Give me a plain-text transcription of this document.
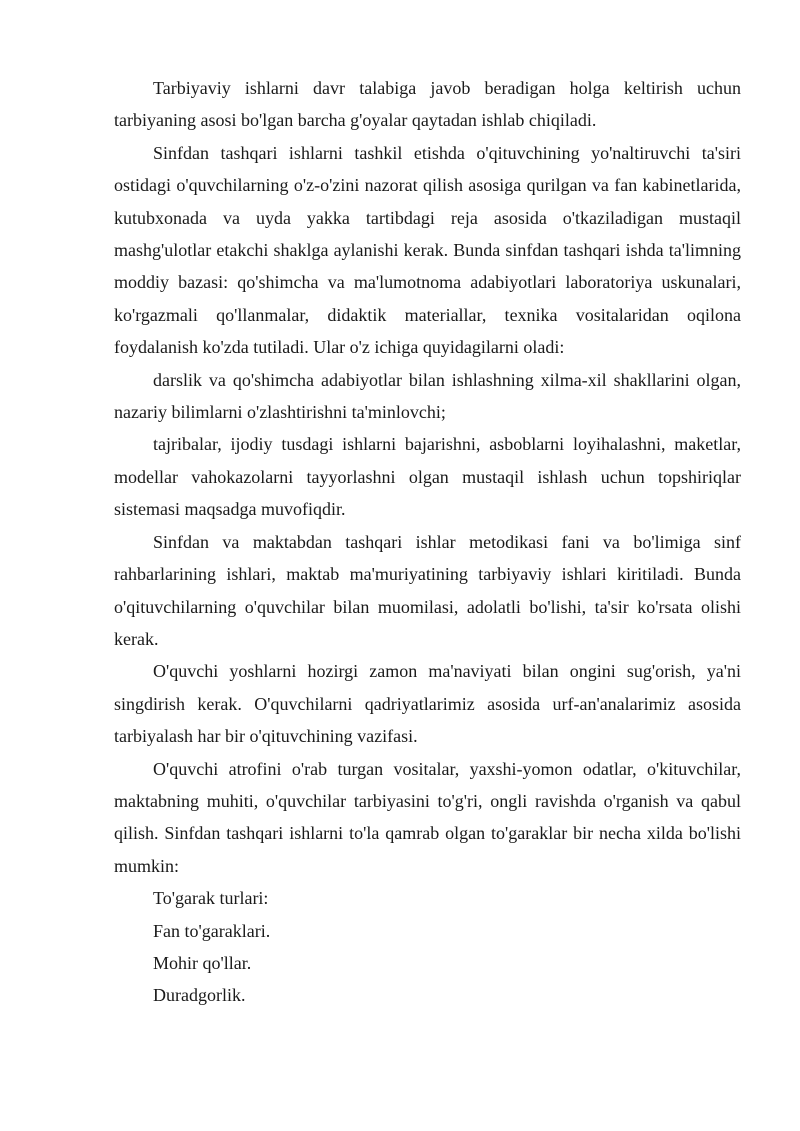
Tarbiyaviy ishlarni davr talabiga javob beradigan holga keltirish uchun tarbiyaning asosi bo'lgan barcha g'oyalar qaytadan ishlab chiqiladi.

Sinfdan tashqari ishlarni tashkil etishda o'qituvchining yo'naltiruvchi ta'siri ostidagi o'quvchilarning o'z-o'zini nazorat qilish asosiga qurilgan va fan kabinetlarida, kutubxonada va uyda yakka tartibdagi reja asosida o'tkaziladigan mustaqil mashg'ulotlar etakchi shaklga aylanishi kerak. Bunda sinfdan tashqari ishda ta'limning moddiy bazasi: qo'shimcha va ma'lumotnoma adabiyotlari laboratoriya uskunalari, ko'rgazmali qo'llanmalar, didaktik materiallar, texnika vositalaridan oqilona foydalanish ko'zda tutiladi. Ular o'z ichiga quyidagilarni oladi:

darslik va qo'shimcha adabiyotlar bilan ishlashning xilma-xil shakllarini olgan, nazariy bilimlarni o'zlashtirishni ta'minlovchi;

tajribalar, ijodiy tusdagi ishlarni bajarishni, asboblarni loyihalashni, maketlar, modellar vahokazolarni tayyorlashni olgan mustaqil ishlash uchun topshiriqlar sistemasi maqsadga muvofiqdir.

Sinfdan va maktabdan tashqari ishlar metodikasi fani va bo'limiga sinf rahbarlarining ishlari, maktab ma'muriyatining tarbiyaviy ishlari kiritiladi. Bunda o'qituvchilarning o'quvchilar bilan muomilasi, adolatli bo'lishi, ta'sir ko'rsata olishi kerak.

O'quvchi yoshlarni hozirgi zamon ma'naviyati bilan ongini sug'orish, ya'ni singdirish kerak. O'quvchilarni qadriyatlarimiz asosida urf-an'analarimiz asosida tarbiyalash har bir o'qituvchining vazifasi.

O'quvchi atrofini o'rab turgan vositalar, yaxshi-yomon odatlar, o'kituvchilar, maktabning muhiti, o'quvchilar tarbiyasini to'g'ri, ongli ravishda o'rganish va qabul qilish. Sinfdan tashqari ishlarni to'la qamrab olgan to'garaklar bir necha xilda bo'lishi mumkin:

To'garak turlari:

Fan to'garaklari.

Mohir qo'llar.

Duradgorlik.
